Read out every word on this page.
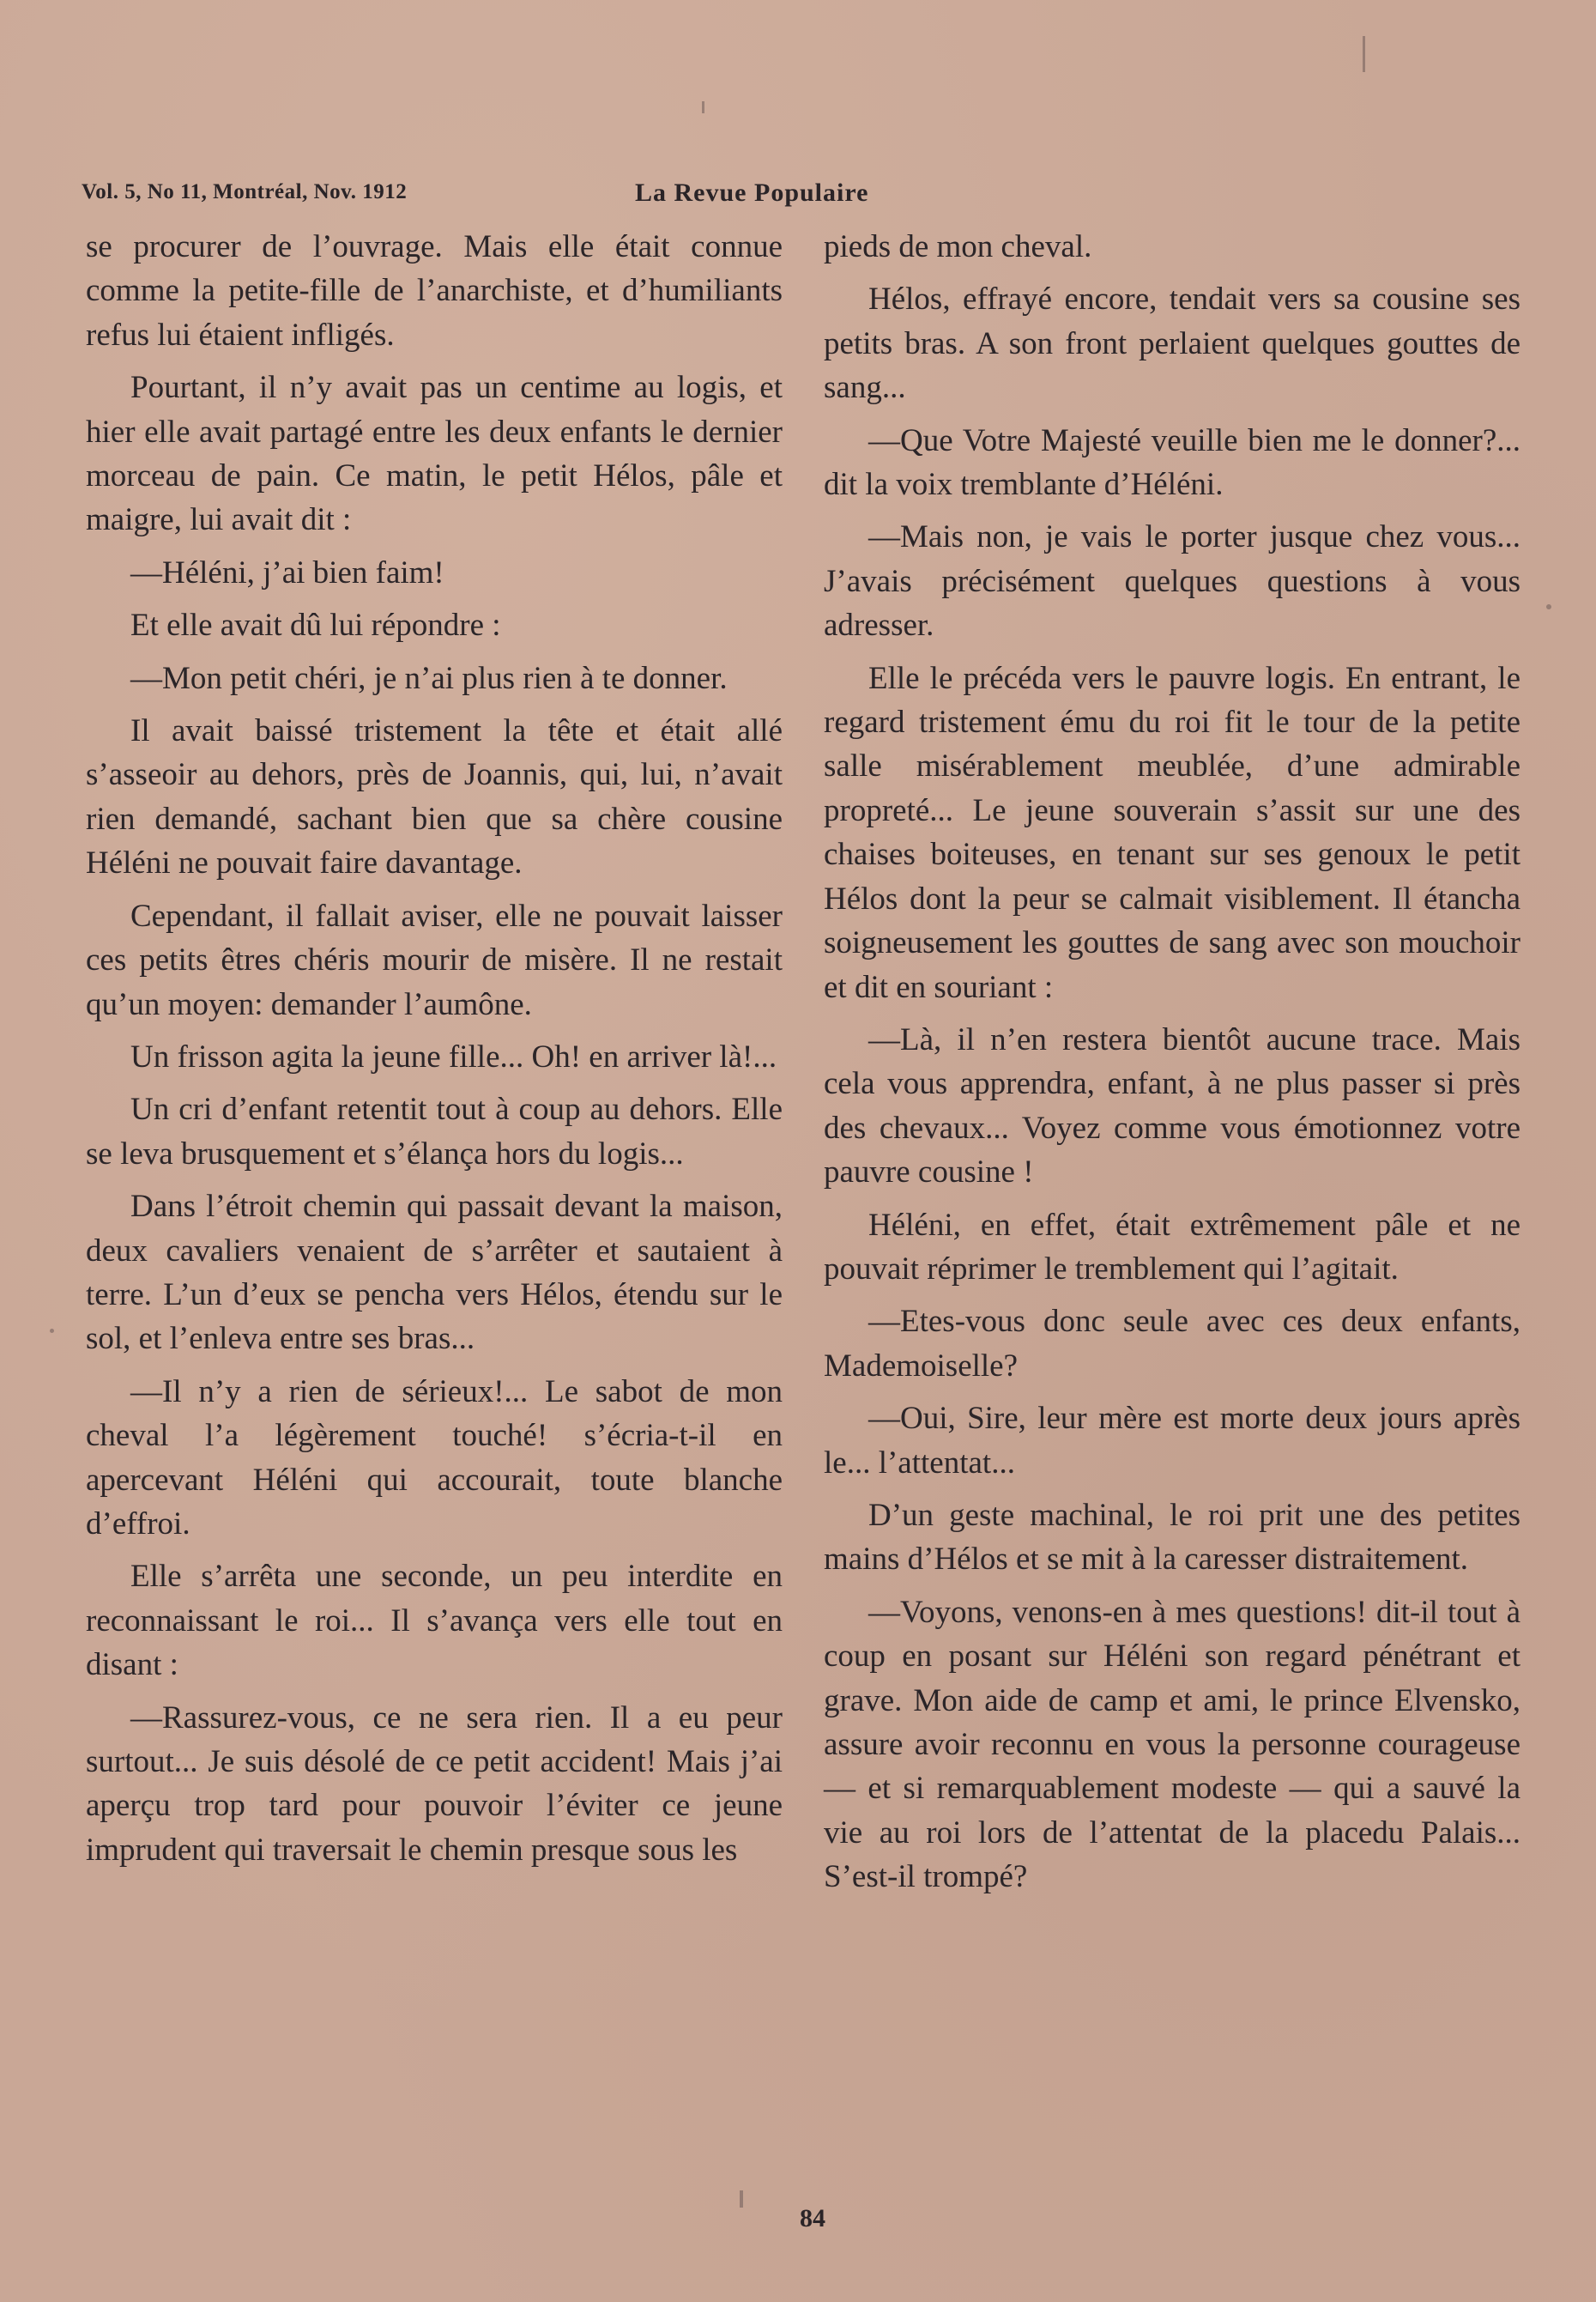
Vol. 5, No 11, Montréal, Nov. 1912	La Revue Populaire

se procurer de l’ouvrage. Mais elle était connue comme la petite-fille de l’anarchiste, et d’humiliants refus lui étaient infligés.

Pourtant, il n’y avait pas un centime au logis, et hier elle avait partagé entre les deux enfants le dernier morceau de pain. Ce matin, le petit Hélos, pâle et maigre, lui avait dit :

—Héléni, j’ai bien faim!

Et elle avait dû lui répondre :

—Mon petit chéri, je n’ai plus rien à te donner.

Il avait baissé tristement la tête et était allé s’asseoir au dehors, près de Joannis, qui, lui, n’avait rien demandé, sachant bien que sa chère cousine Héléni ne pouvait faire davantage.

Cependant, il fallait aviser, elle ne pouvait laisser ces petits êtres chéris mourir de misère. Il ne restait qu’un moyen: demander l’aumône.

Un frisson agita la jeune fille... Oh! en arriver là!...

Un cri d’enfant retentit tout à coup au dehors. Elle se leva brusquement et s’élança hors du logis...

Dans l’étroit chemin qui passait devant la maison, deux cavaliers venaient de s’arrêter et sautaient à terre. L’un d’eux se pencha vers Hélos, étendu sur le sol, et l’enleva entre ses bras...

—Il n’y a rien de sérieux!... Le sabot de mon cheval l’a légèrement touché! s’écria-t-il en apercevant Héléni qui accourait, toute blanche d’effroi.

Elle s’arrêta une seconde, un peu interdite en reconnaissant le roi... Il s’avança vers elle tout en disant :

—Rassurez-vous, ce ne sera rien. Il a eu peur surtout... Je suis désolé de ce petit accident! Mais j’ai aperçu trop tard pour pouvoir l’éviter ce jeune imprudent qui traversait le chemin presque sous les

pieds de mon cheval.

Hélos, effrayé encore, tendait vers sa cousine ses petits bras. A son front perlaient quelques gouttes de sang...

—Que Votre Majesté veuille bien me le donner?... dit la voix tremblante d’Héléni.

—Mais non, je vais le porter jusque chez vous... J’avais précisément quelques questions à vous adresser.

Elle le précéda vers le pauvre logis. En entrant, le regard tristement ému du roi fit le tour de la petite salle misérablement meublée, d’une admirable propreté... Le jeune souverain s’assit sur une des chaises boiteuses, en tenant sur ses genoux le petit Hélos dont la peur se calmait visiblement. Il étancha soigneusement les gouttes de sang avec son mouchoir et dit en souriant :

—Là, il n’en restera bientôt aucune trace. Mais cela vous apprendra, enfant, à ne plus passer si près des chevaux... Voyez comme vous émotionnez votre pauvre cousine !

Héléni, en effet, était extrêmement pâle et ne pouvait réprimer le tremblement qui l’agitait.

—Etes-vous donc seule avec ces deux enfants, Mademoiselle?

—Oui, Sire, leur mère est morte deux jours après le... l’attentat...

D’un geste machinal, le roi prit une des petites mains d’Hélos et se mit à la caresser distraitement.

—Voyons, venons-en à mes questions! dit-il tout à coup en posant sur Héléni son regard pénétrant et grave. Mon aide de camp et ami, le prince Elvensko, assure avoir reconnu en vous la personne courageuse — et si remarquablement modeste — qui a sauvé la vie au roi lors de l’attentat de la placedu Palais... S’est-il trompé?

84
